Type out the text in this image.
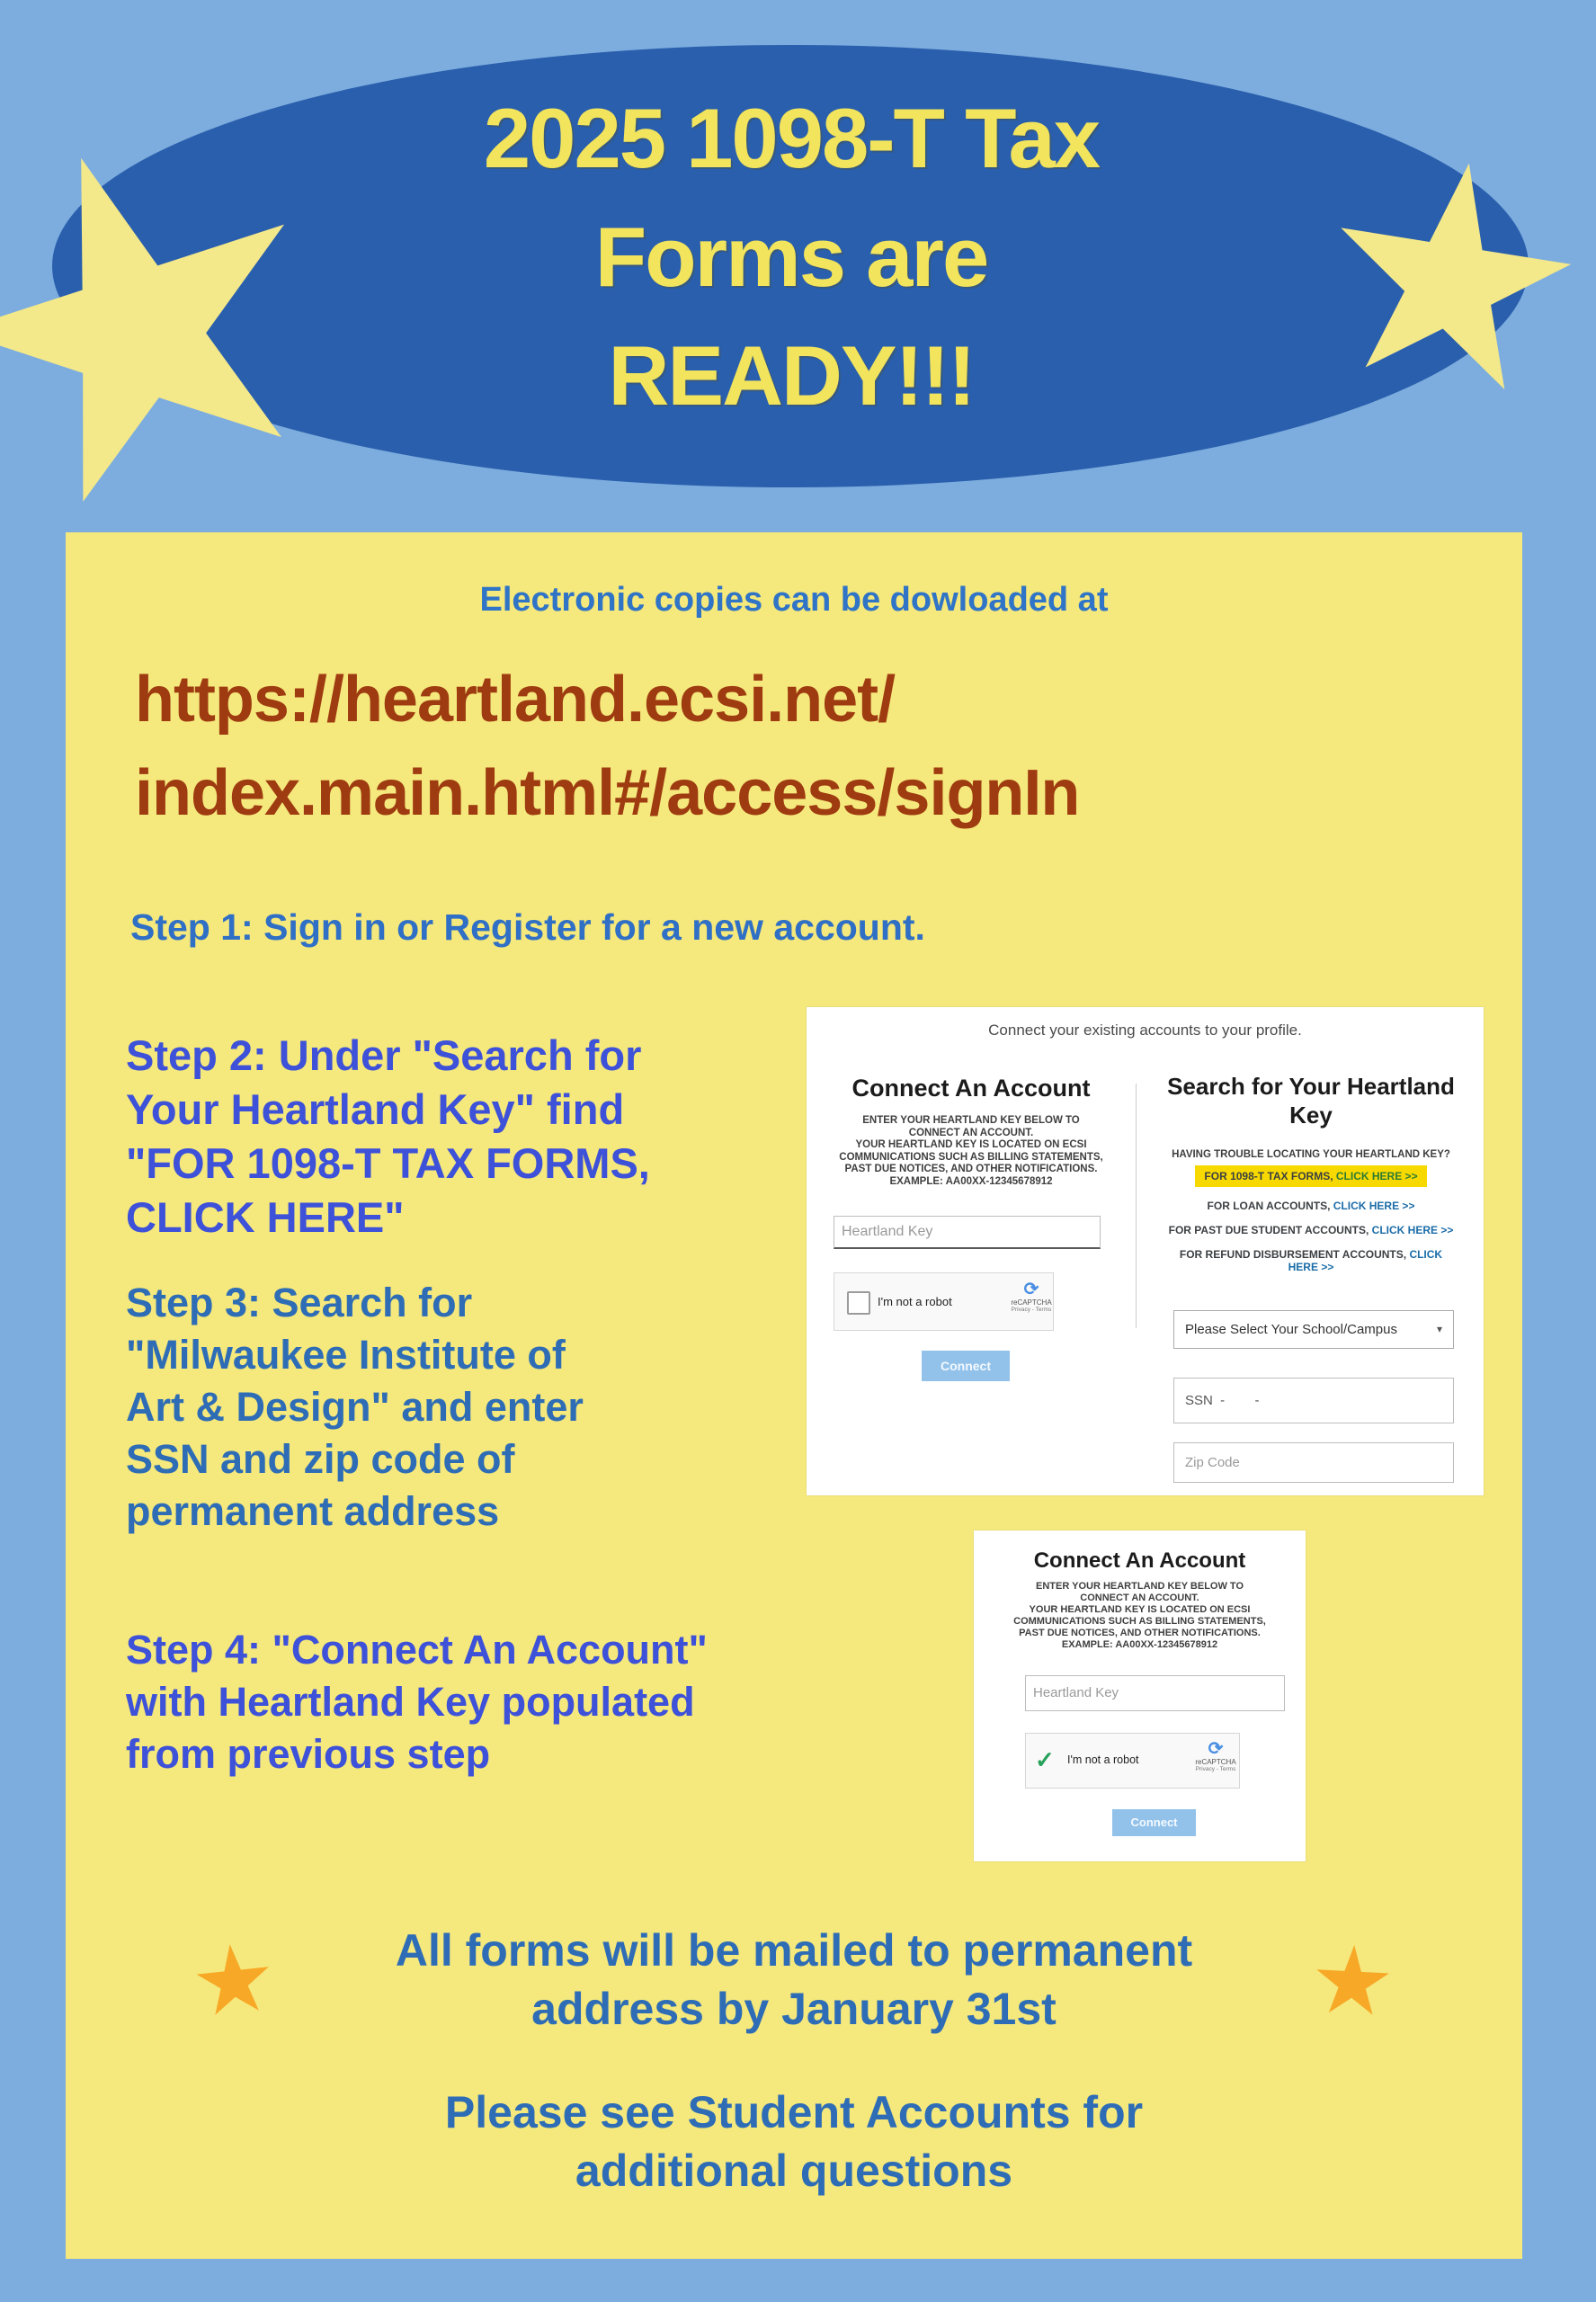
2025 1098-T Tax
Forms are
READY!!!
Electronic copies can be dowloaded at
https://heartland.ecsi.net/
index.main.html#/access/signIn
Step 1: Sign in or Register for a new account.
Step 2: Under "Search for
Your Heartland Key" find
"FOR 1098-T TAX FORMS,
CLICK HERE"
Step 3: Search for
"Milwaukee Institute of
Art & Design" and enter
SSN and zip code of
permanent address
Step 4: "Connect An Account"
with Heartland Key populated
from previous step
Connect your existing accounts to your profile.
Connect An Account
ENTER YOUR HEARTLAND KEY BELOW TO
CONNECT AN ACCOUNT.
YOUR HEARTLAND KEY IS LOCATED ON ECSI
COMMUNICATIONS SUCH AS BILLING STATEMENTS,
PAST DUE NOTICES, AND OTHER NOTIFICATIONS.
EXAMPLE: AA00XX-12345678912
Heartland Key
I'm not a robot
⟳
reCAPTCHA
Privacy - Terms
Connect
Search for Your Heartland
Key
HAVING TROUBLE LOCATING YOUR HEARTLAND KEY?
FOR 1098-T TAX FORMS, CLICK HERE >>
FOR LOAN ACCOUNTS, CLICK HERE >>
FOR PAST DUE STUDENT ACCOUNTS, CLICK HERE >>
FOR REFUND DISBURSEMENT ACCOUNTS, CLICK HERE >>
Please Select Your School/Campus	▾
SSN  -        -
Zip Code
Connect An Account
ENTER YOUR HEARTLAND KEY BELOW TO
CONNECT AN ACCOUNT.
YOUR HEARTLAND KEY IS LOCATED ON ECSI
COMMUNICATIONS SUCH AS BILLING STATEMENTS,
PAST DUE NOTICES, AND OTHER NOTIFICATIONS.
EXAMPLE: AA00XX-12345678912
Heartland Key
✓ I'm not a robot
⟳
reCAPTCHA
Privacy - Terms
Connect
All forms will be mailed to permanent
address by January 31st
Please see Student Accounts for
additional questions
